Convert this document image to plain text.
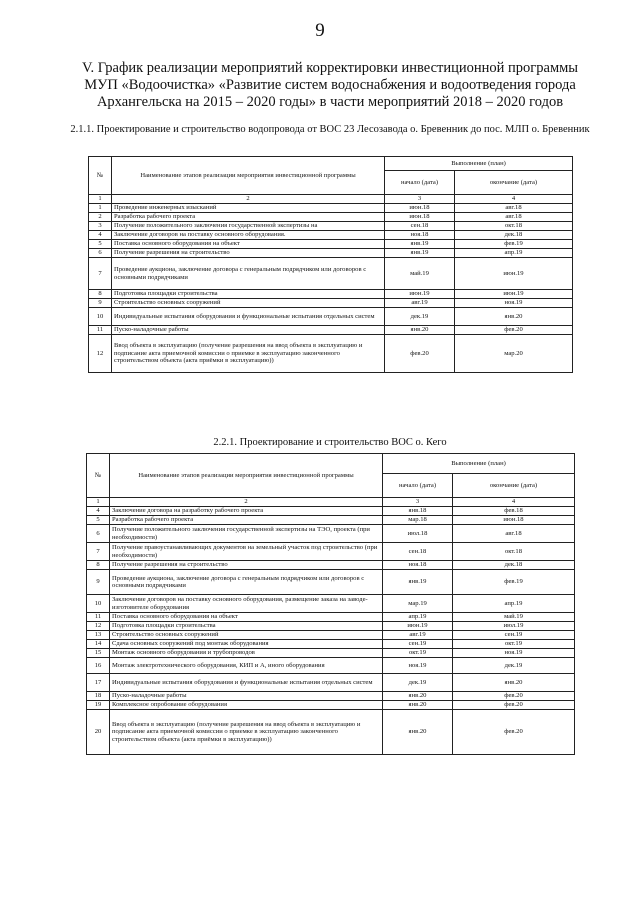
9
V. График реализации мероприятий корректировки инвестиционной программы МУП «Водоочистка» «Развитие систем водоснабжения и водоотведения города Архангельска на 2015 – 2020 годы» в части мероприятий 2018 – 2020 годов
2.1.1. Проектирование и строительство водопровода от ВОС 23 Лесозавода о. Бревенник до пос. МЛП о. Бревенник
№	Наименование этапов реализации мероприятия инвестиционной программы	Выполнение (план)	
		начало (дата)	окончание (дата)
1	2	3	4
1	Проведение инженерных изысканий	июн.18	авг.18
2	Разработка рабочего проекта	июн.18	авг.18
3	Получение положительного заключения государственной экспертизы на	сен.18	окт.18
4	Заключение договоров на поставку основного оборудования.	ноя.18	дек.18
5	Поставка основного оборудования на объект	янв.19	фев.19
6	Получение разрешения на строительство	янв.19	апр.19
7	Проведение аукциона, заключение договора с генеральным подрядчиком или договоров с основными подрядчиками	май.19	июн.19
8	Подготовка площадки строительства	июн.19	июн.19
9	Строительство основных сооружений	авг.19	ноя.19
10	Индивидуальные испытания оборудования и функциональные испытания отдельных систем	дек.19	янв.20
11	Пуско-наладочные работы	янв.20	фев.20
12	Ввод объекта в эксплуатацию (получение разрешения на ввод объекта в эксплуатацию и подписание акта приемочной комиссии о приемке в эксплуатацию законченного строительством объекта (акта приёмки в эксплуатацию))	фев.20	мар.20
2.2.1. Проектирование и строительство ВОС о. Кего
№	Наименование этапов реализации мероприятия инвестиционной программы	Выполнение (план)	
		начало (дата)	окончание (дата)
1	2	3	4
4	Заключение договора на разработку рабочего проекта	янв.18	фев.18
5	Разработка рабочего проекта	мар.18	июн.18
6	Получение положительного заключения государственной экспертизы на ТЭО, проекта (при необходимости)	июл.18	авг.18
7	Получение правоустанавливающих документов на земельный участок под строительство (при необходимости)	сен.18	окт.18
8	Получение разрешения на строительство	ноя.18	дек.18
9	Проведение аукциона, заключение договора с генеральным подрядчиком или договоров с основными подрядчиками	янв.19	фев.19
10	Заключение договоров на поставку основного оборудования, размещение заказа на заводе-изготовителе оборудования	мар.19	апр.19
11	Поставка основного оборудования на объект	апр.19	май.19
12	Подготовка площадки строительства	июн.19	июл.19
13	Строительство основных сооружений	авг.19	сен.19
14	Сдача основных сооружений под монтаж оборудования	сен.19	окт.19
15	Монтаж основного оборудования и трубопроводов	окт.19	ноя.19
16	Монтаж электротехнического оборудования, КИП и А, иного оборудования	ноя.19	дек.19
17	Индивидуальные испытания оборудования и функциональные испытания отдельных систем	дек.19	янв.20
18	Пуско-наладочные работы	янв.20	фев.20
19	Комплексное опробование оборудования	янв.20	фев.20
20	Ввод объекта в эксплуатацию (получение разрешения на ввод объекта в эксплуатацию и подписание акта приемочной комиссии о приемке в эксплуатацию законченного строительством объекта (акта приёмки в эксплуатацию))	янв.20	фев.20
